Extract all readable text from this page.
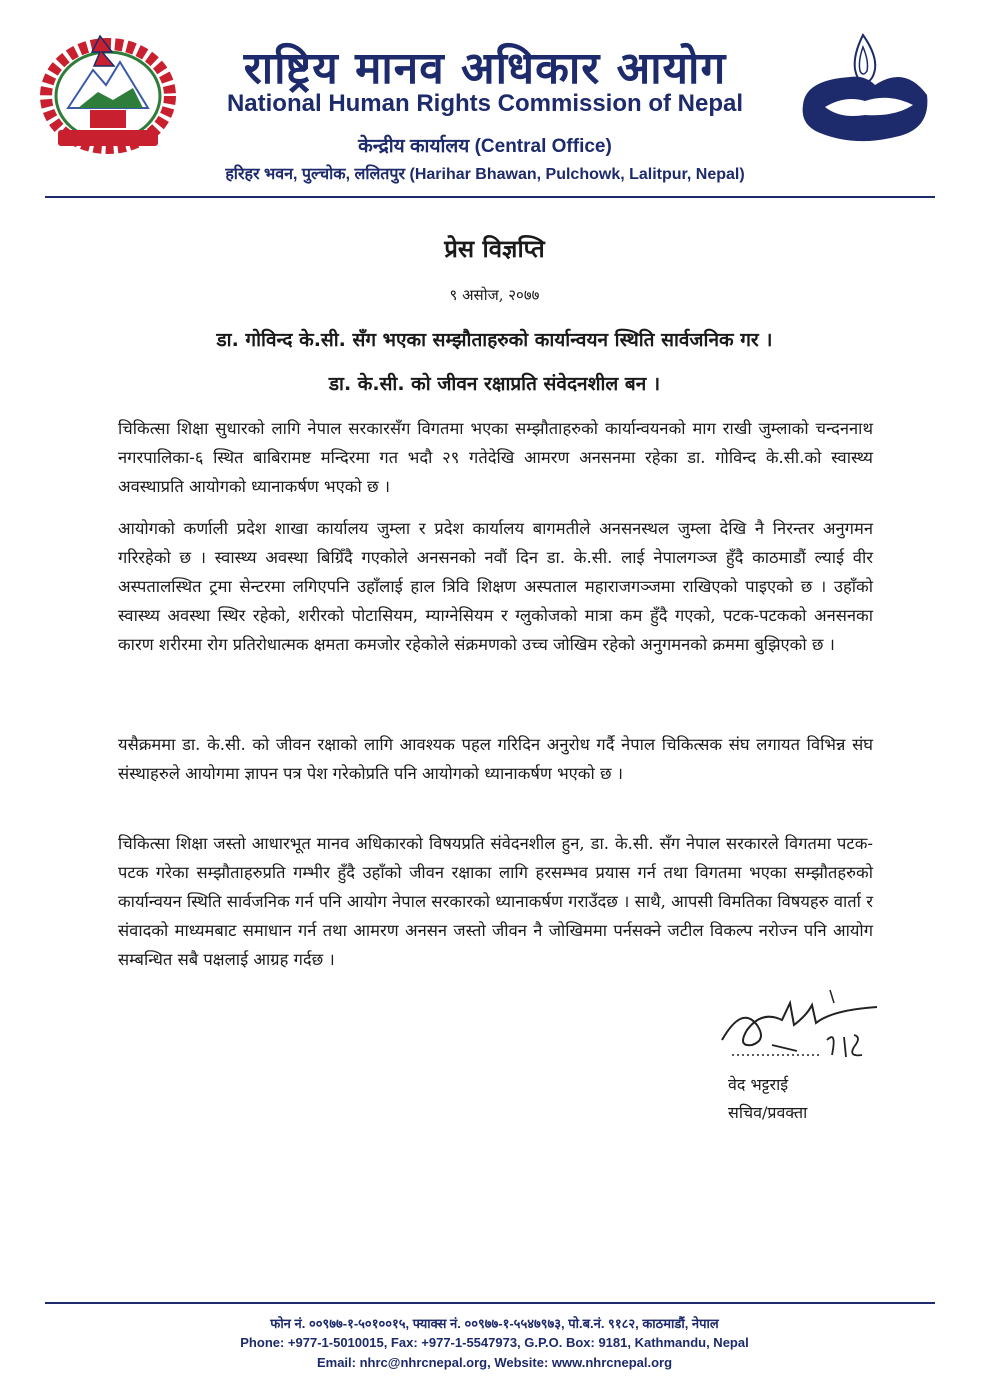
राष्ट्रिय मानव अधिकार आयोग
National Human Rights Commission of Nepal
केन्द्रीय कार्यालय (Central Office)
हरिहर भवन, पुल्चोक, ललितपुर (Harihar Bhawan, Pulchowk, Lalitpur, Nepal)
प्रेस विज्ञप्ति
९ असोज, २०७७
डा. गोविन्द के.सी. सँग भएका सम्झौताहरुको कार्यान्वयन स्थिति सार्वजनिक गर ।
डा. के.सी. को जीवन रक्षाप्रति संवेदनशील बन ।
चिकित्सा शिक्षा सुधारको लागि नेपाल सरकारसँग विगतमा भएका सम्झौताहरुको कार्यान्वयनको माग राखी जुम्लाको चन्दननाथ नगरपालिका-६ स्थित बाबिरामष्ट मन्दिरमा गत भदौ २९ गतेदेखि आमरण अनसनमा रहेका डा. गोविन्द के.सी.को स्वास्थ्य अवस्थाप्रति आयोगको ध्यानाकर्षण भएको छ ।
आयोगको कर्णाली प्रदेश शाखा कार्यालय जुम्ला र प्रदेश कार्यालय बागमतीले अनसनस्थल जुम्ला देखि नै निरन्तर अनुगमन गरिरहेको छ । स्वास्थ्य अवस्था बिग्रिँदै गएकोले अनसनको नवौं दिन डा. के.सी. लाई नेपालगञ्ज हुँदै काठमाडौं ल्याई वीर अस्पतालस्थित ट्रमा सेन्टरमा लगिएपनि उहाँलाई हाल त्रिवि शिक्षण अस्पताल महाराजगञ्जमा राखिएको पाइएको छ । उहाँको स्वास्थ्य अवस्था स्थिर रहेको, शरीरको पोटासियम, म्याग्नेसियम र ग्लुकोजको मात्रा कम हुँदै गएको, पटक-पटकको अनसनका कारण शरीरमा रोग प्रतिरोधात्मक क्षमता कमजोर रहेकोले संक्रमणको उच्च जोखिम रहेको अनुगमनको क्रममा बुझिएको छ ।
यसैक्रममा डा. के.सी. को जीवन रक्षाको लागि आवश्यक पहल गरिदिन अनुरोध गर्दै नेपाल चिकित्सक संघ लगायत विभिन्न संघ संस्थाहरुले आयोगमा ज्ञापन पत्र पेश गरेकोप्रति पनि आयोगको ध्यानाकर्षण भएको छ ।
चिकित्सा शिक्षा जस्तो आधारभूत मानव अधिकारको विषयप्रति संवेदनशील हुन, डा. के.सी. सँग नेपाल सरकारले विगतमा पटक-पटक गरेका सम्झौताहरुप्रति गम्भीर हुँदै उहाँको जीवन रक्षाका लागि हरसम्भव प्रयास गर्न तथा विगतमा भएका सम्झौतहरुको कार्यान्वयन स्थिति सार्वजनिक गर्न पनि आयोग नेपाल सरकारको ध्यानाकर्षण गराउँदछ । साथै, आपसी विमतिका विषयहरु वार्ता र संवादको माध्यमबाट समाधान गर्न तथा आमरण अनसन जस्तो जीवन नै जोखिममा पर्नसक्ने जटील विकल्प नरोज्न पनि आयोग सम्बन्धित सबै पक्षलाई आग्रह गर्दछ ।
वेद भट्टराई
सचिव/प्रवक्ता
फोन नं. ००९७७-१-५०१००१५, फ्याक्स नं. ००९७७-१-५५४७९७३, पो.ब.नं. ९१८२, काठमाडौं, नेपाल
Phone: +977-1-5010015, Fax: +977-1-5547973, G.P.O. Box: 9181, Kathmandu, Nepal
Email: nhrc@nhrcnepal.org, Website: www.nhrcnepal.org
